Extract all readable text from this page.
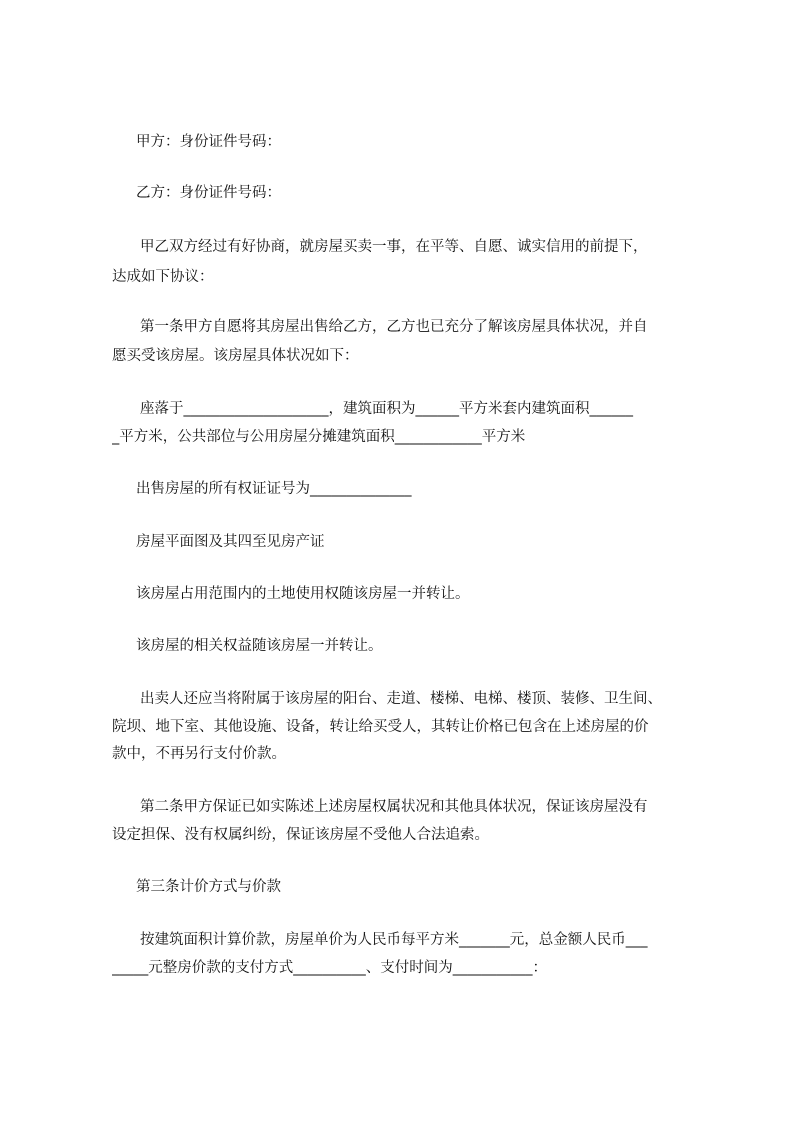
甲方：身份证件号码：
乙方：身份证件号码：
甲乙双方经过有好协商，就房屋买卖一事，在平等、自愿、诚实信用的前提下，
达成如下协议：
第一条甲方自愿将其房屋出售给乙方，乙方也已充分了解该房屋具体状况，并自
愿买受该房屋。该房屋具体状况如下：
座落于____________________，建筑面积为______平方米套内建筑面积______
_平方米，公共部位与公用房屋分摊建筑面积____________平方米
出售房屋的所有权证证号为______________
房屋平面图及其四至见房产证
该房屋占用范围内的土地使用权随该房屋一并转让。
该房屋的相关权益随该房屋一并转让。
出卖人还应当将附属于该房屋的阳台、走道、楼梯、电梯、楼顶、装修、卫生间、
院坝、地下室、其他设施、设备，转让给买受人，其转让价格已包含在上述房屋的价
款中，不再另行支付价款。
第二条甲方保证已如实陈述上述房屋权属状况和其他具体状况，保证该房屋没有
设定担保、没有权属纠纷，保证该房屋不受他人合法追索。
第三条计价方式与价款
按建筑面积计算价款，房屋单价为人民币每平方米_______元，总金额人民币___
_____元整房价款的支付方式__________、支付时间为___________：
